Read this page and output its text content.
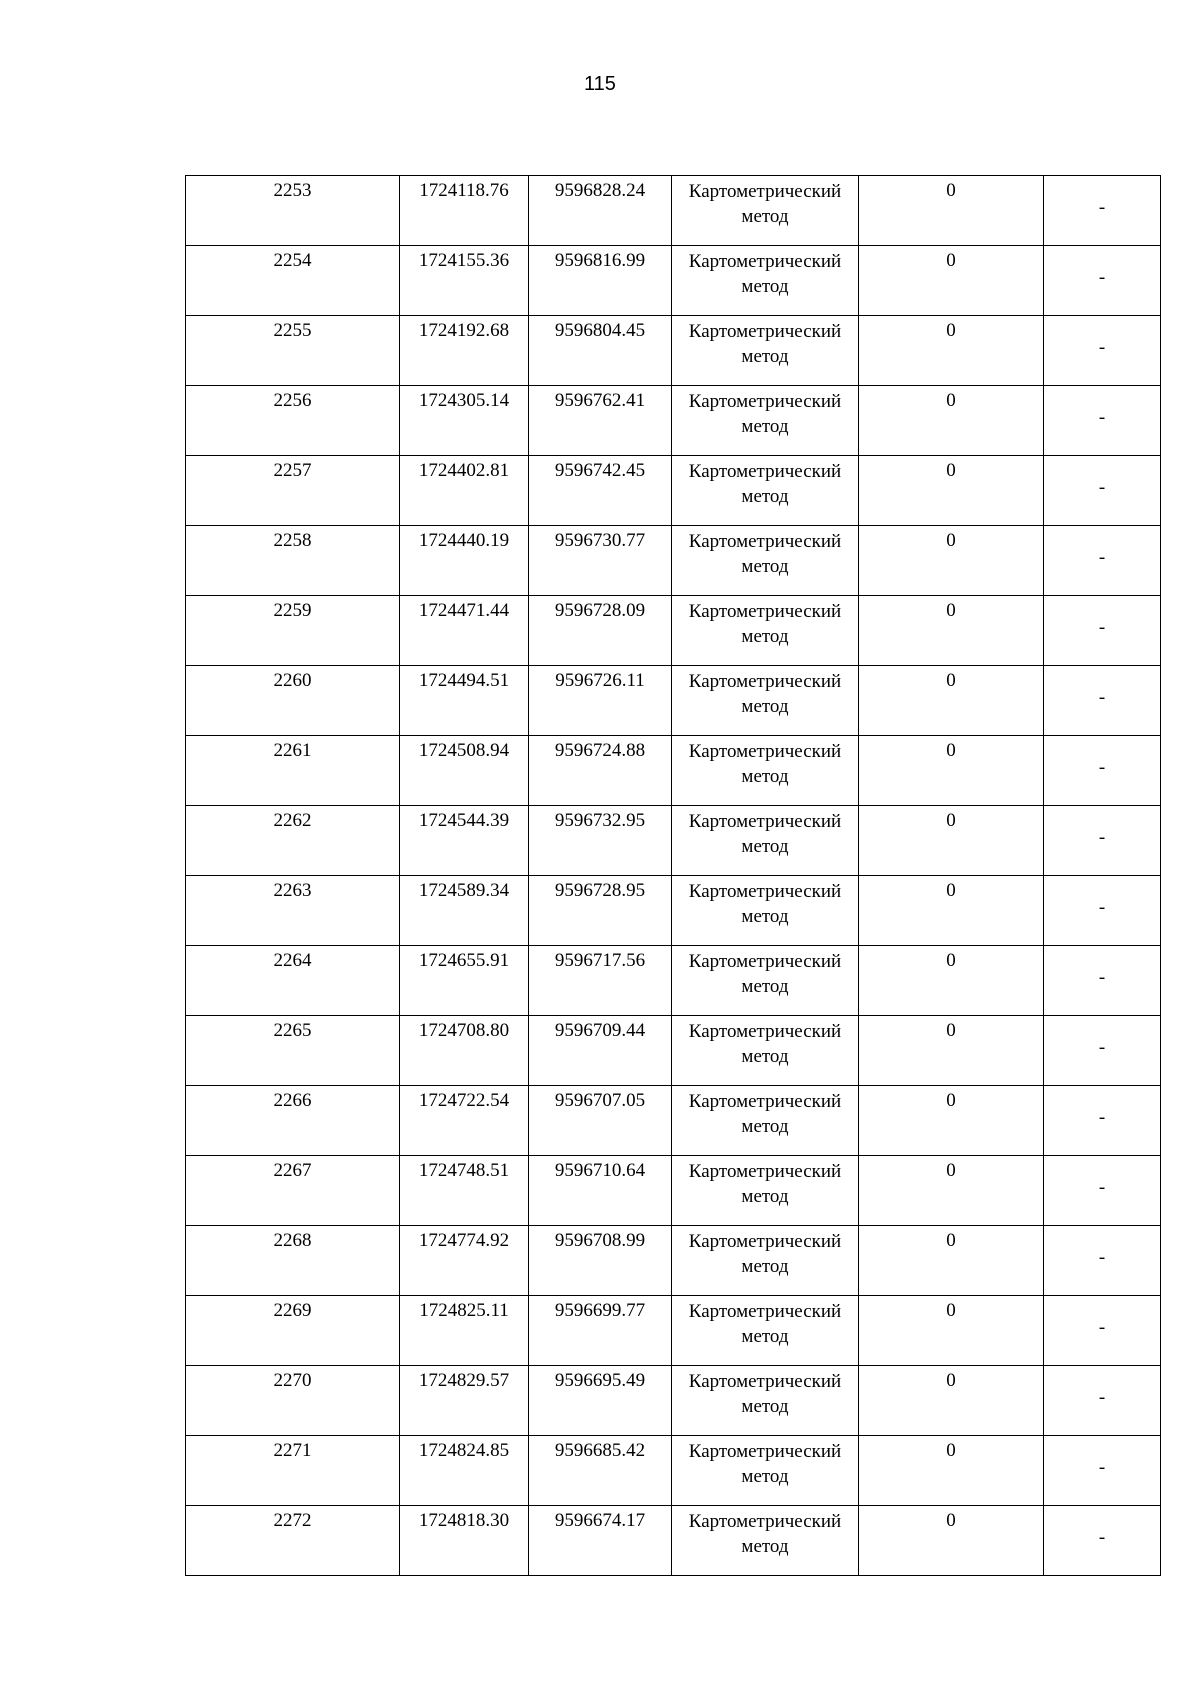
115
2253	1724118.76	9596828.24	Картометрический метод	0	-
2254	1724155.36	9596816.99	Картометрический метод	0	-
2255	1724192.68	9596804.45	Картометрический метод	0	-
2256	1724305.14	9596762.41	Картометрический метод	0	-
2257	1724402.81	9596742.45	Картометрический метод	0	-
2258	1724440.19	9596730.77	Картометрический метод	0	-
2259	1724471.44	9596728.09	Картометрический метод	0	-
2260	1724494.51	9596726.11	Картометрический метод	0	-
2261	1724508.94	9596724.88	Картометрический метод	0	-
2262	1724544.39	9596732.95	Картометрический метод	0	-
2263	1724589.34	9596728.95	Картометрический метод	0	-
2264	1724655.91	9596717.56	Картометрический метод	0	-
2265	1724708.80	9596709.44	Картометрический метод	0	-
2266	1724722.54	9596707.05	Картометрический метод	0	-
2267	1724748.51	9596710.64	Картометрический метод	0	-
2268	1724774.92	9596708.99	Картометрический метод	0	-
2269	1724825.11	9596699.77	Картометрический метод	0	-
2270	1724829.57	9596695.49	Картометрический метод	0	-
2271	1724824.85	9596685.42	Картометрический метод	0	-
2272	1724818.30	9596674.17	Картометрический метод	0	-
